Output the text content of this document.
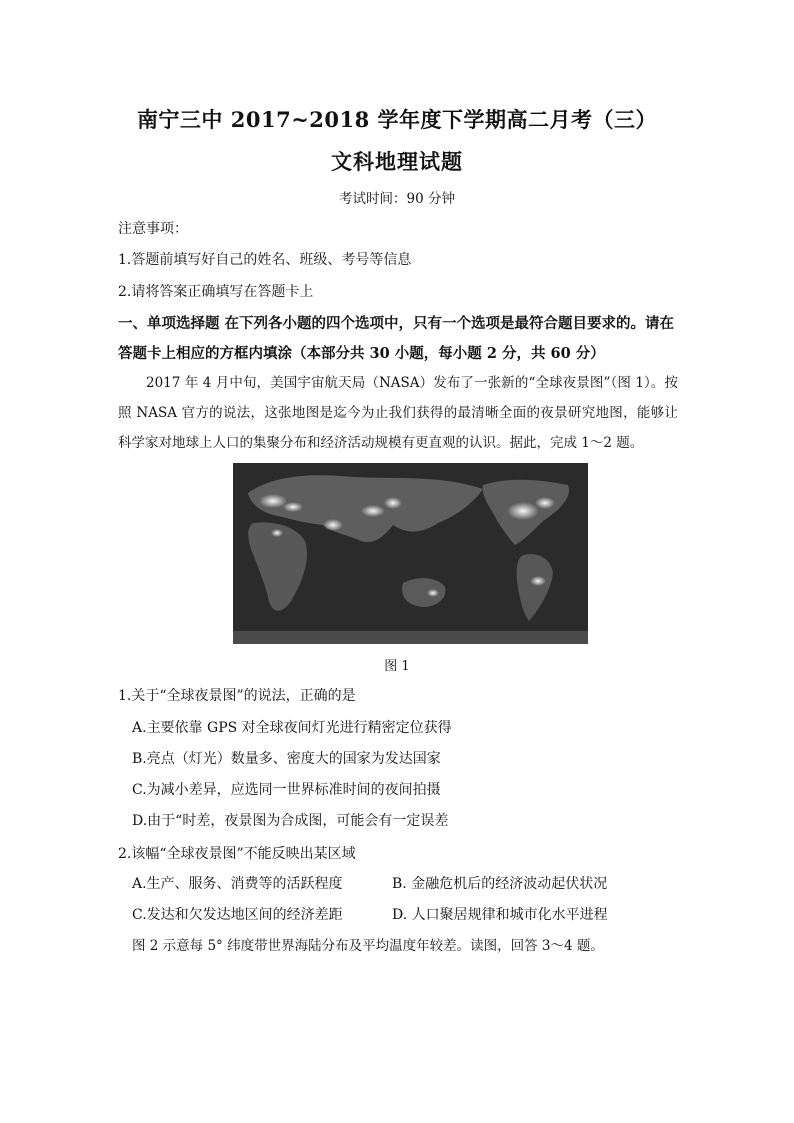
南宁三中 2017~2018 学年度下学期高二月考（三）
文科地理试题
考试时间：90 分钟
注意事项：
1.答题前填写好自己的姓名、班级、考号等信息
2.请将答案正确填写在答题卡上
一、单项选择题 在下列各小题的四个选项中，只有一个选项是最符合题目要求的。请在
答题卡上相应的方框内填涂（本部分共 30 小题，每小题 2 分，共 60 分）
2017 年 4 月中旬，美国宇宙航天局（NASA）发布了一张新的“全球夜景图”（图 1）。按照 NASA 官方的说法，这张地图是迄今为止我们获得的最清晰全面的夜景研究地图，能够让科学家对地球上人口的集聚分布和经济活动规模有更直观的认识。据此，完成 1～2 题。
图 1
1.关于“全球夜景图”的说法，正确的是
A.主要依靠 GPS 对全球夜间灯光进行精密定位获得
B.亮点（灯光）数量多、密度大的国家为发达国家
C.为减小差异，应选同一世界标准时间的夜间拍摄
D.由于“时差，夜景图为合成图，可能会有一定误差
2.该幅“全球夜景图”不能反映出某区域
A.生产、服务、消费等的活跃程度	B. 金融危机后的经济波动起伏状况
C.发达和欠发达地区间的经济差距	D. 人口聚居规律和城市化水平进程
图 2 示意每 5° 纬度带世界海陆分布及平均温度年较差。读图，回答 3～4 题。
